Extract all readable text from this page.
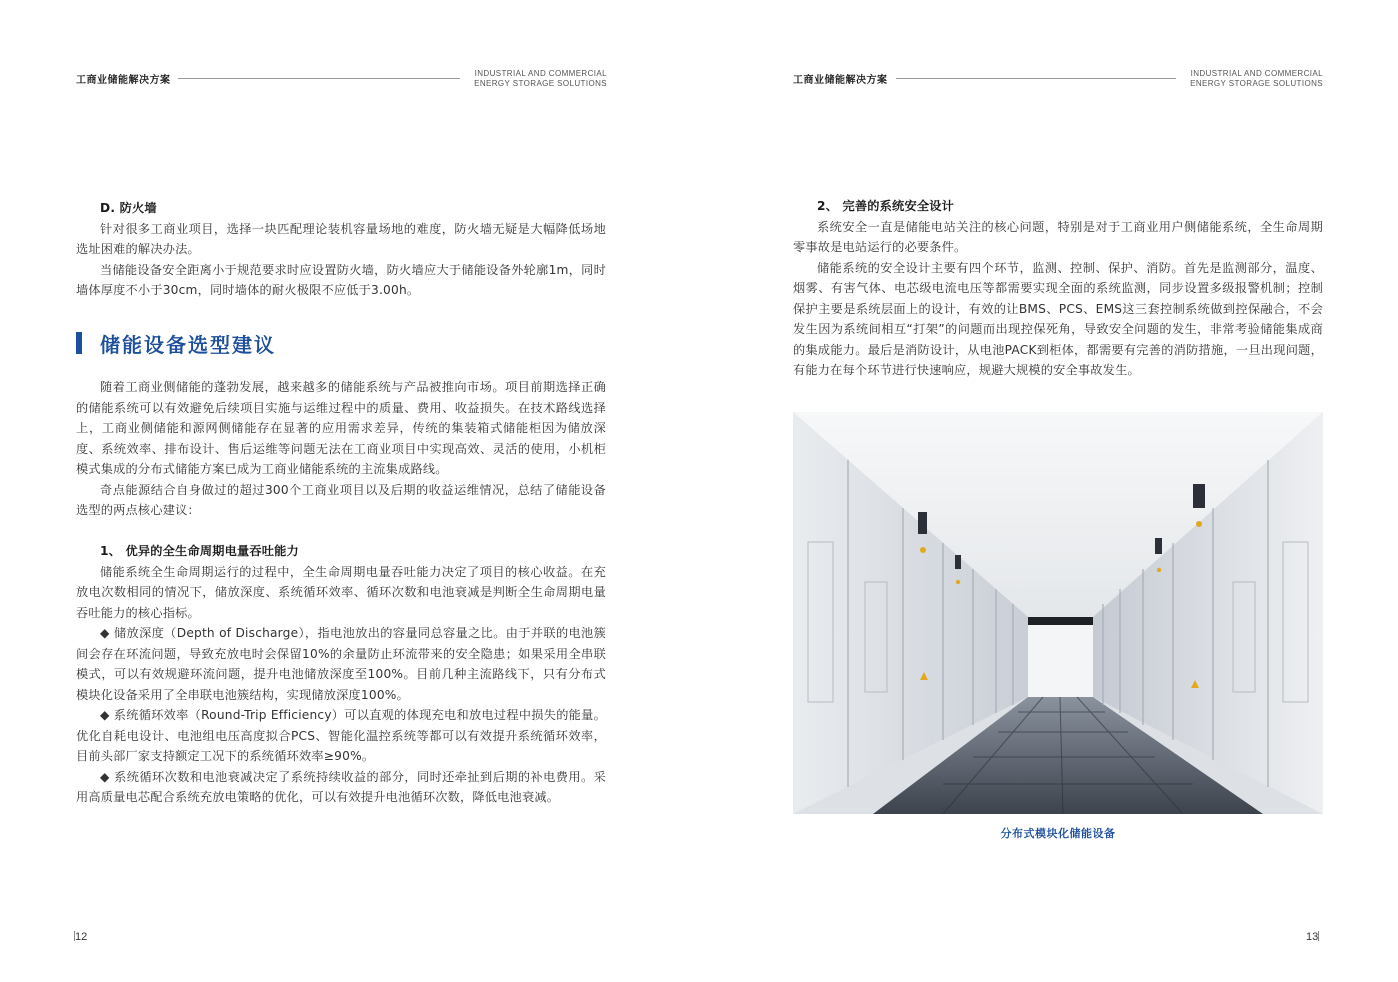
工商业储能解决方案
INDUSTRIAL AND COMMERCIAL
ENERGY STORAGE SOLUTIONS

D. 防火墙

针对很多工商业项目，选择一块匹配理论装机容量场地的难度，防火墙无疑是大幅降低场地选址困难的解决办法。

当储能设备安全距离小于规范要求时应设置防火墙，防火墙应大于储能设备外轮廓1m，同时墙体厚度不小于30cm，同时墙体的耐火极限不应低于3.00h。

储能设备选型建议

随着工商业侧储能的蓬勃发展，越来越多的储能系统与产品被推向市场。项目前期选择正确的储能系统可以有效避免后续项目实施与运维过程中的质量、费用、收益损失。在技术路线选择上，工商业侧储能和源网侧储能存在显著的应用需求差异，传统的集装箱式储能柜因为储放深度、系统效率、排布设计、售后运维等问题无法在工商业项目中实现高效、灵活的使用，小机柜模式集成的分布式储能方案已成为工商业储能系统的主流集成路线。

奇点能源结合自身做过的超过300个工商业项目以及后期的收益运维情况，总结了储能设备选型的两点核心建议：

1、 优异的全生命周期电量吞吐能力

储能系统全生命周期运行的过程中，全生命周期电量吞吐能力决定了项目的核心收益。在充放电次数相同的情况下，储放深度、系统循环效率、循环次数和电池衰减是判断全生命周期电量吞吐能力的核心指标。

◆ 储放深度（Depth of Discharge），指电池放出的容量同总容量之比。由于并联的电池簇间会存在环流问题，导致充放电时会保留10%的余量防止环流带来的安全隐患；如果采用全串联模式，可以有效规避环流问题，提升电池储放深度至100%。目前几种主流路线下，只有分布式模块化设备采用了全串联电池簇结构，实现储放深度100%。

◆ 系统循环效率（Round-Trip Efficiency）可以直观的体现充电和放电过程中损失的能量。优化自耗电设计、电池组电压高度拟合PCS、智能化温控系统等都可以有效提升系统循环效率，目前头部厂家支持额定工况下的系统循环效率≥90%。

◆ 系统循环次数和电池衰减决定了系统持续收益的部分，同时还牵扯到后期的补电费用。采用高质量电芯配合系统充放电策略的优化，可以有效提升电池循环次数，降低电池衰减。

12
工商业储能解决方案
INDUSTRIAL AND COMMERCIAL
ENERGY STORAGE SOLUTIONS

2、 完善的系统安全设计

系统安全一直是储能电站关注的核心问题，特别是对于工商业用户侧储能系统，全生命周期零事故是电站运行的必要条件。

储能系统的安全设计主要有四个环节，监测、控制、保护、消防。首先是监测部分，温度、烟雾、有害气体、电芯级电流电压等都需要实现全面的系统监测，同步设置多级报警机制；控制保护主要是系统层面上的设计，有效的让BMS、PCS、EMS这三套控制系统做到控保融合，不会发生因为系统间相互“打架”的问题而出现控保死角，导致安全问题的发生，非常考验储能集成商的集成能力。最后是消防设计，从电池PACK到柜体，都需要有完善的消防措施，一旦出现问题，有能力在每个环节进行快速响应，规避大规模的安全事故发生。

分布式模块化储能设备
13
